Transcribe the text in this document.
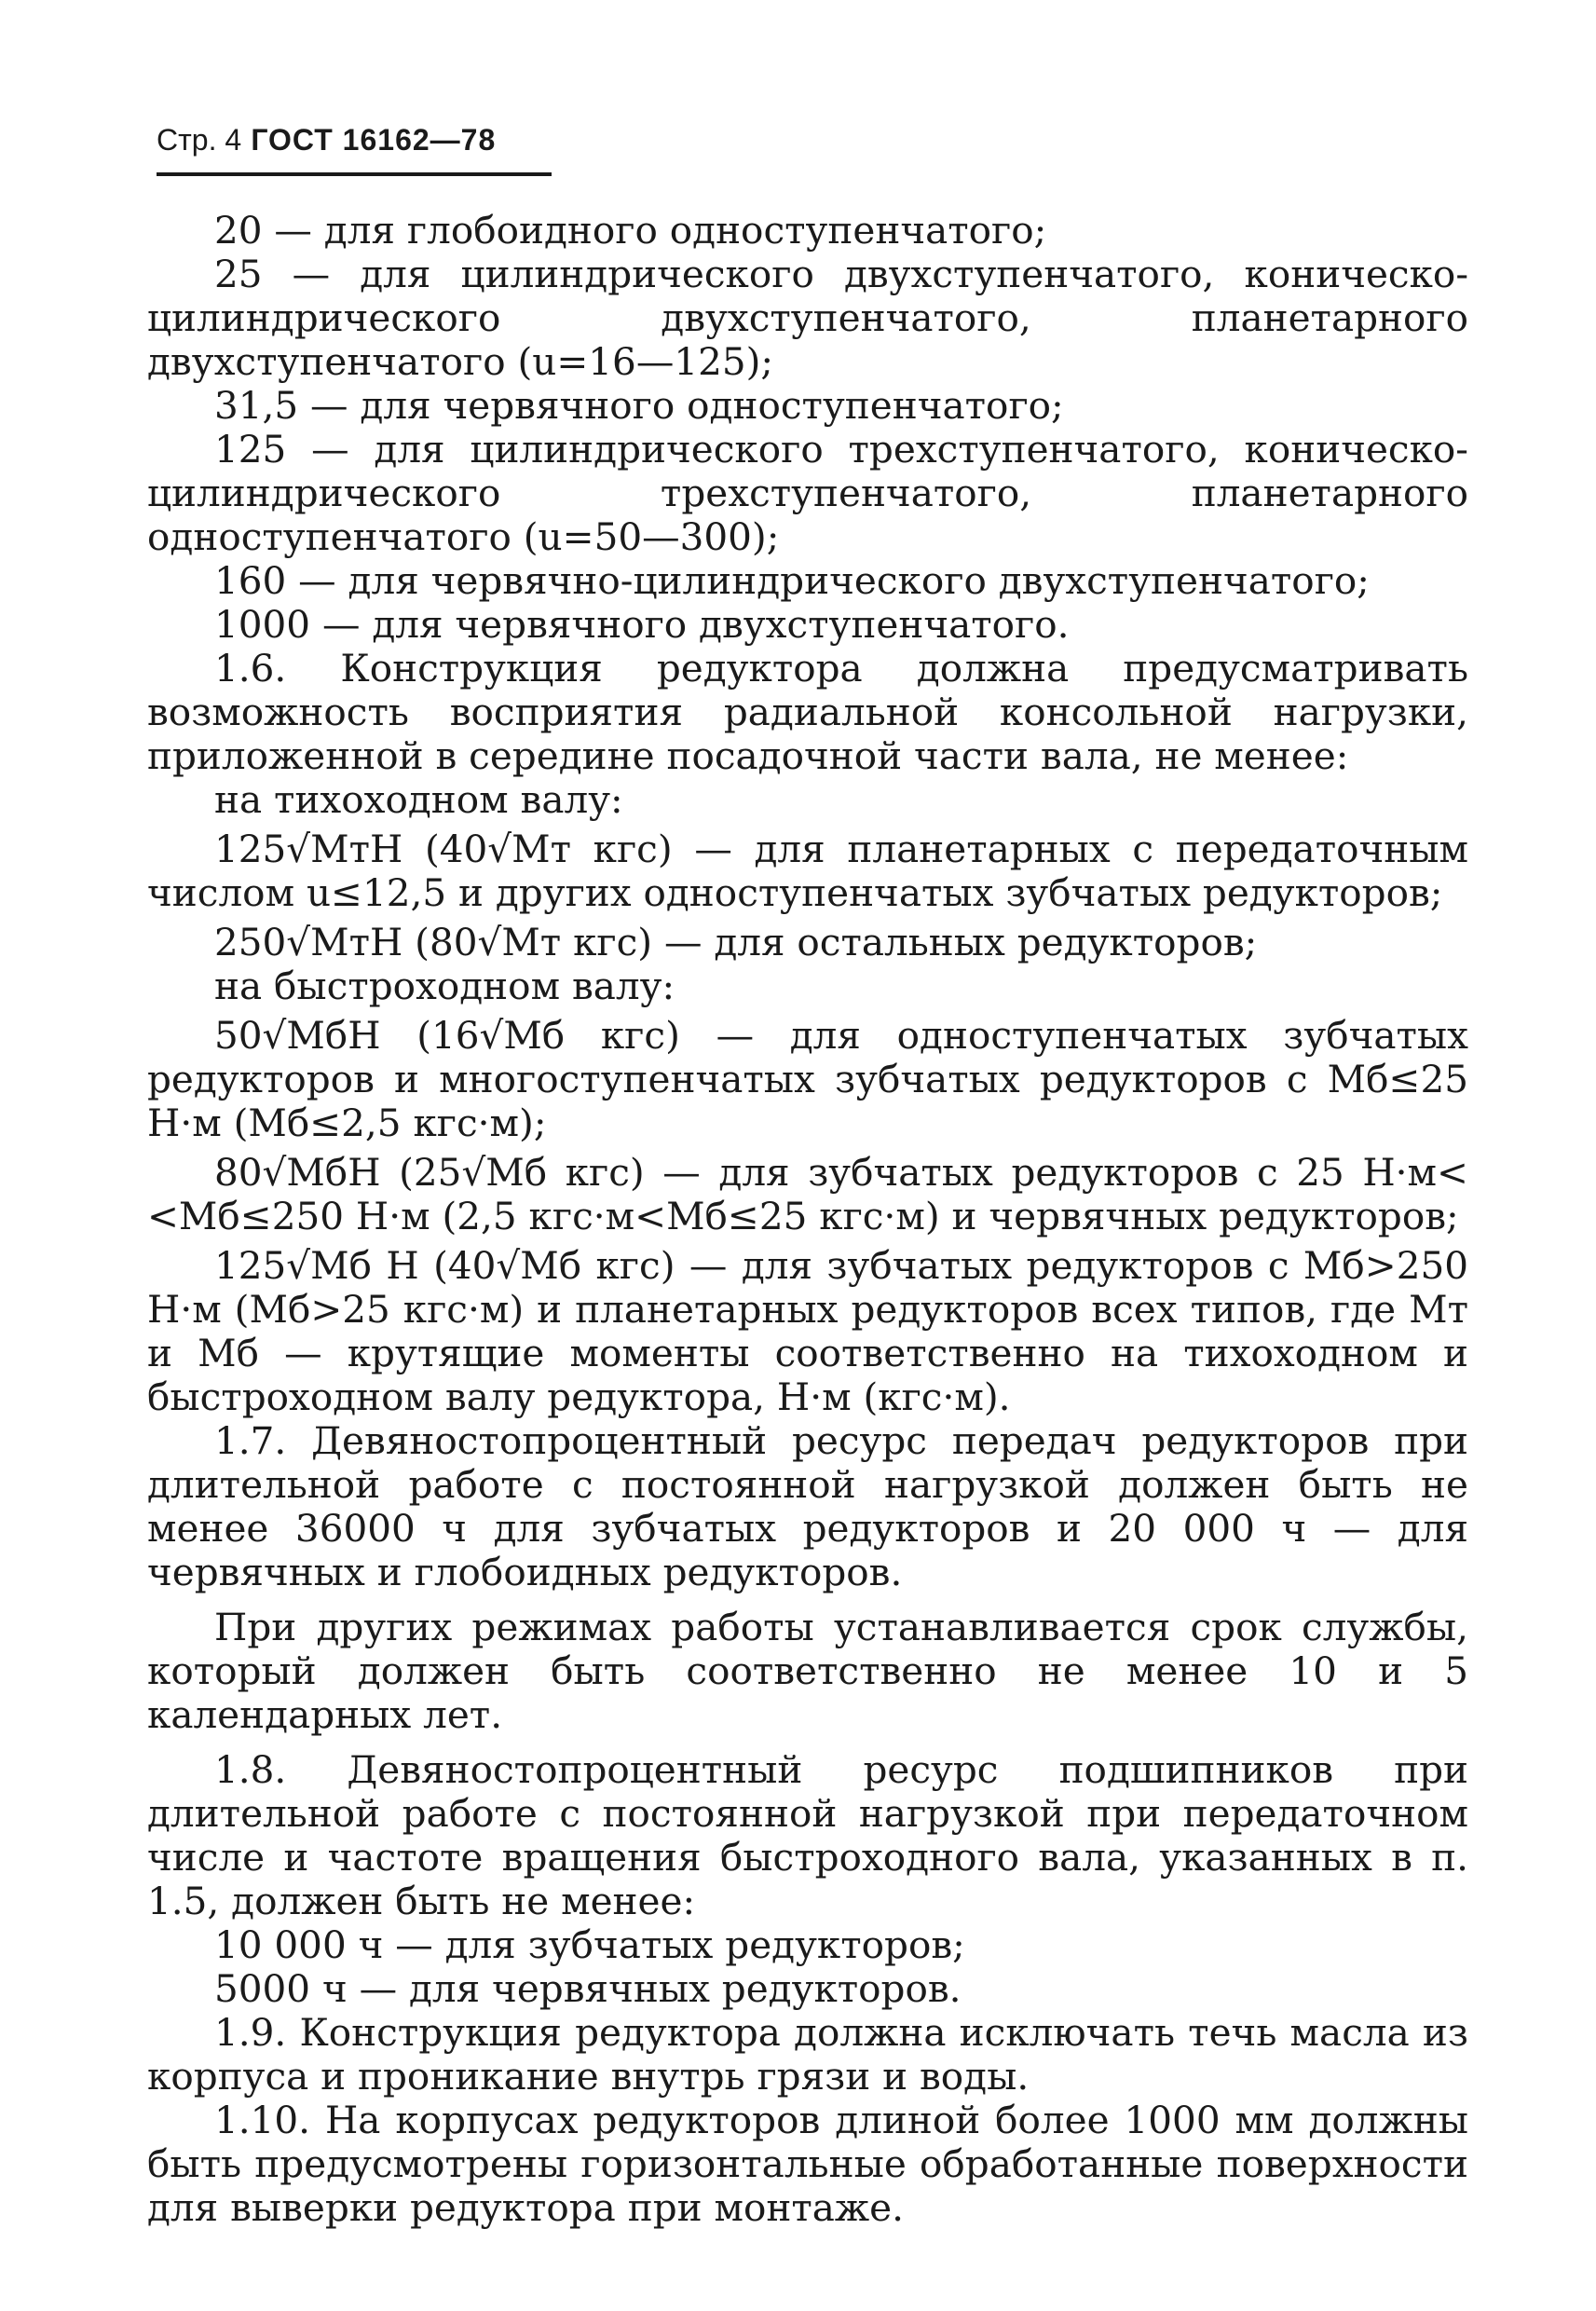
Стр. 4 ГОСТ 16162—78

20 — для глобоидного одноступенчатого;

25 — для цилиндрического двухступенчатого, коническо-цилиндрического двухступенчатого, планетарного двухступенчатого (u=16—125);

31,5 — для червячного одноступенчатого;

125 — для цилиндрического трехступенчатого, коническо-цилиндрического трехступенчатого, планетарного одноступенчатого (u=50—300);

160 — для червячно-цилиндрического двухступенчатого;

1000 — для червячного двухступенчатого.

1.6. Конструкция редуктора должна предусматривать возможность восприятия радиальной консольной нагрузки, приложенной в середине посадочной части вала, не менее:

на тихоходном валу:

125√MтН (40√Mт кгс) — для планетарных с передаточным числом u≤12,5 и других одноступенчатых зубчатых редукторов;

250√MтН (80√Mт кгс) — для остальных редукторов;

на быстроходном валу:

50√MбН (16√Mб кгс) — для одноступенчатых зубчатых редукторов и многоступенчатых зубчатых редукторов с Mб≤25 Н·м (Mб≤2,5 кгс·м);

80√MбН (25√Mб кгс) — для зубчатых редукторов с 25 Н·м< <Mб≤250 Н·м (2,5 кгс·м<Mб≤25 кгс·м) и червячных редукторов;

125√Mб Н (40√Mб кгс) — для зубчатых редукторов с Mб>250 Н·м (Mб>25 кгс·м) и планетарных редукторов всех типов, где Mт и Mб — крутящие моменты соответственно на тихоходном и быстроходном валу редуктора, Н·м (кгс·м).

1.7. Девяностопроцентный ресурс передач редукторов при длительной работе с постоянной нагрузкой должен быть не менее 36000 ч для зубчатых редукторов и 20 000 ч — для червячных и глобоидных редукторов.

При других режимах работы устанавливается срок службы, который должен быть соответственно не менее 10 и 5 календарных лет.

1.8. Девяностопроцентный ресурс подшипников при длительной работе с постоянной нагрузкой при передаточном числе и частоте вращения быстроходного вала, указанных в п. 1.5, должен быть не менее:

10 000 ч — для зубчатых редукторов;

5000 ч — для червячных редукторов.

1.9. Конструкция редуктора должна исключать течь масла из корпуса и проникание внутрь грязи и воды.

1.10. На корпусах редукторов длиной более 1000 мм должны быть предусмотрены горизонтальные обработанные поверхности для выверки редуктора при монтаже.
